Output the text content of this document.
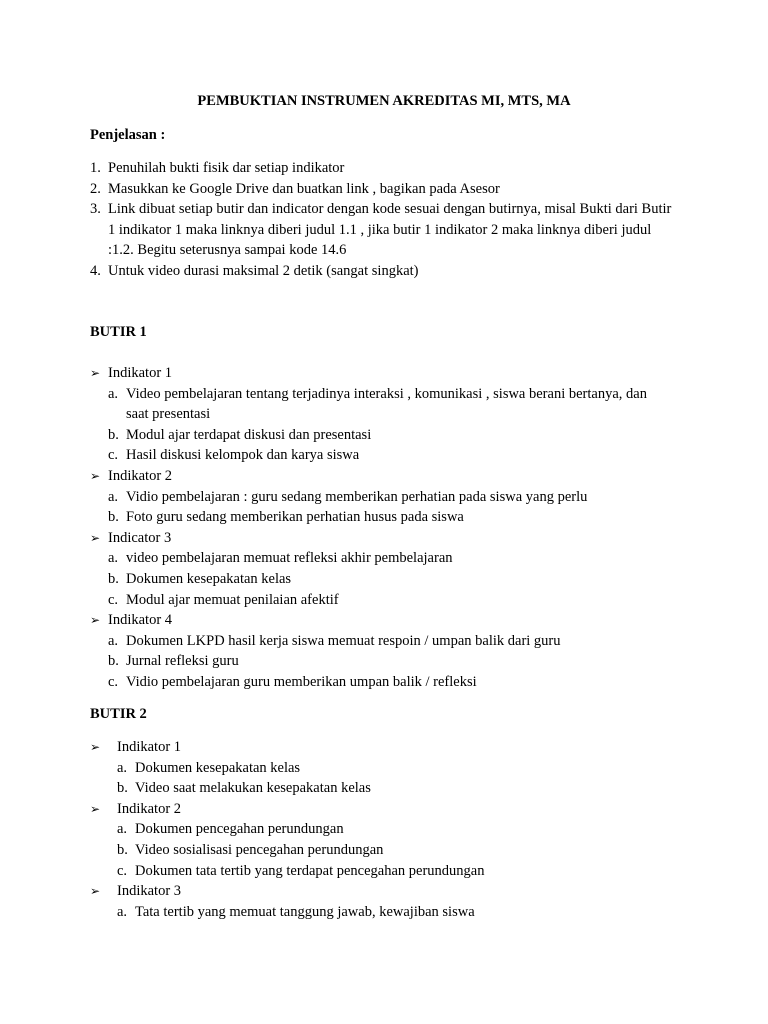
PEMBUKTIAN INSTRUMEN AKREDITAS MI, MTS, MA
Penjelasan :
1. Penuhilah bukti fisik dar setiap indikator
2. Masukkan ke Google Drive dan buatkan link , bagikan pada Asesor
3. Link dibuat setiap butir dan indicator dengan kode sesuai dengan butirnya, misal Bukti dari Butir 1 indikator 1 maka linknya diberi judul 1.1 , jika butir 1 indikator 2 maka linknya diberi judul :1.2. Begitu seterusnya sampai kode 14.6
4. Untuk video durasi maksimal 2 detik (sangat singkat)
BUTIR 1
➢ Indikator 1
a. Video pembelajaran tentang terjadinya interaksi , komunikasi , siswa berani bertanya, dan saat presentasi
b. Modul ajar terdapat diskusi dan presentasi
c. Hasil diskusi kelompok dan karya siswa
➢ Indikator 2
a. Vidio pembelajaran : guru sedang memberikan perhatian pada siswa yang perlu
b. Foto guru sedang memberikan perhatian husus pada siswa
➢ Indicator 3
a. video pembelajaran memuat refleksi akhir pembelajaran
b. Dokumen kesepakatan kelas
c. Modul ajar memuat penilaian afektif
➢ Indikator 4
a. Dokumen LKPD hasil kerja siswa memuat respoin / umpan balik dari guru
b. Jurnal refleksi guru
c. Vidio pembelajaran guru memberikan umpan balik / refleksi
BUTIR 2
➢	Indikator 1
a. Dokumen kesepakatan kelas
b. Video saat melakukan kesepakatan kelas
➢	Indikator 2
a. Dokumen pencegahan perundungan
b. Video sosialisasi pencegahan perundungan
c. Dokumen tata tertib yang terdapat pencegahan perundungan
➢	Indikator 3
a. Tata tertib yang memuat tanggung jawab, kewajiban siswa
